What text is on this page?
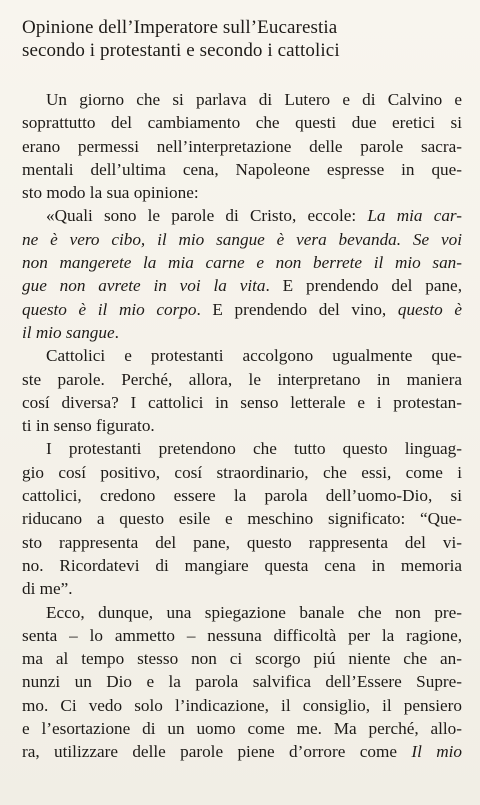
Opinione dell’Imperatore sull’Eucarestia
secondo i protestanti e secondo i cattolici
Un giorno che si parlava di Lutero e di Calvino e
soprattutto del cambiamento che questi due eretici si
erano permessi nell’interpretazione delle parole sacra-
mentali dell’ultima cena, Napoleone espresse in que-
sto modo la sua opinione:
«Quali sono le parole di Cristo, eccole: La mia car-
ne è vero cibo, il mio sangue è vera bevanda. Se voi
non mangerete la mia carne e non berrete il mio san-
gue non avrete in voi la vita. E prendendo del pane,
questo è il mio corpo. E prendendo del vino, questo è
il mio sangue.
Cattolici e protestanti accolgono ugualmente que-
ste parole. Perché, allora, le interpretano in maniera
cosí diversa? I cattolici in senso letterale e i protestan-
ti in senso figurato.
I protestanti pretendono che tutto questo linguag-
gio cosí positivo, cosí straordinario, che essi, come i
cattolici, credono essere la parola dell’uomo-Dio, si
riducano a questo esile e meschino significato: “Que-
sto rappresenta del pane, questo rappresenta del vi-
no. Ricordatevi di mangiare questa cena in memoria
di me”.
Ecco, dunque, una spiegazione banale che non pre-
senta – lo ammetto – nessuna difficoltà per la ragione,
ma al tempo stesso non ci scorgo piú niente che an-
nunzi un Dio e la parola salvifica dell’Essere Supre-
mo. Ci vedo solo l’indicazione, il consiglio, il pensiero
e l’esortazione di un uomo come me. Ma perché, allo-
ra, utilizzare delle parole piene d’orrore come Il mio
